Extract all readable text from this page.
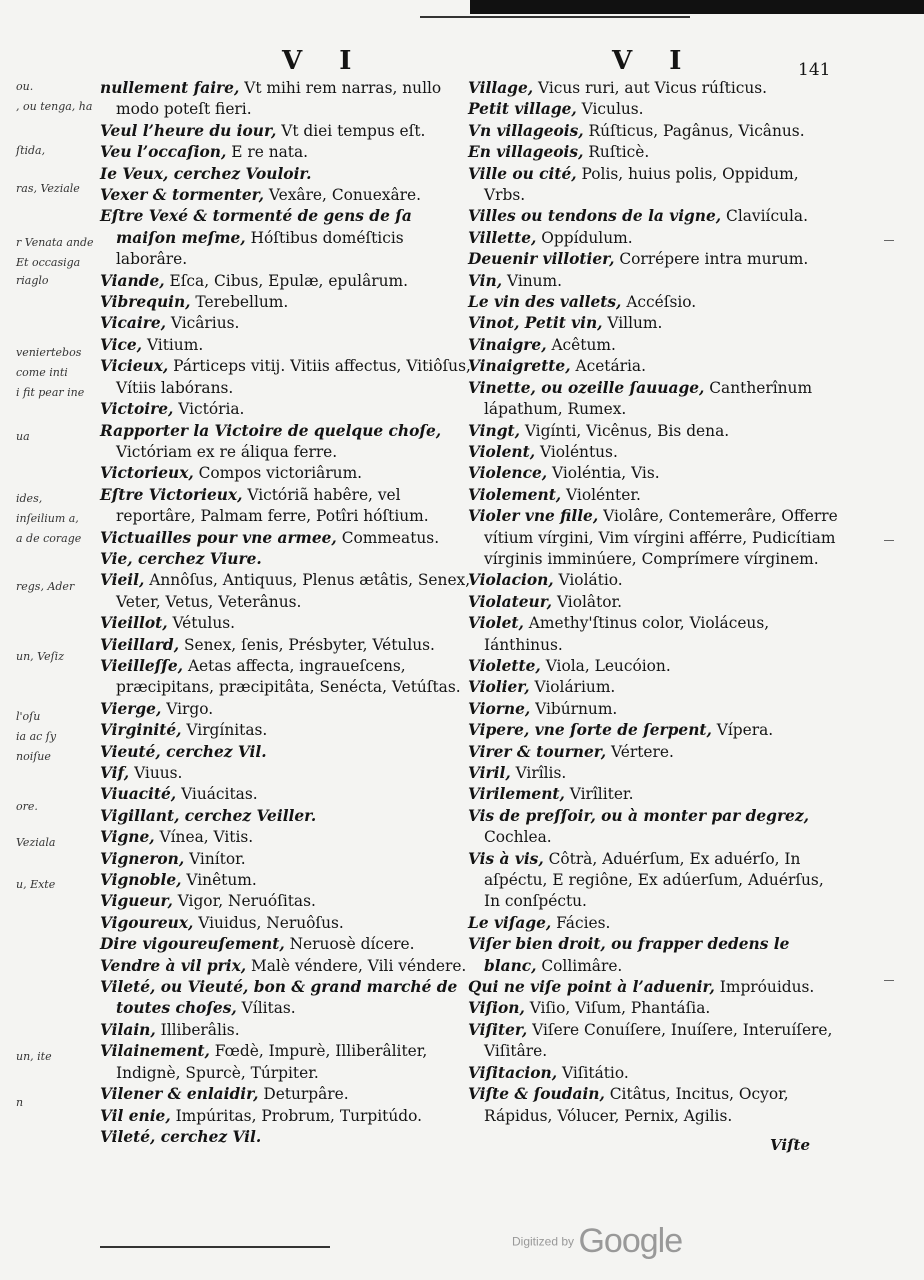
ou.
, ou tenga, ha
ſtida,
ras, Veziale
r Venata ande
Et occasiga
riaglo
veniertebos
come inti
i fit pear ine
ua
ides,
inſeilium a,
a de corage
regs, Ader
un, Veſiz
l'oſu
ia ac ſy
noiſue
ore.
Veziala
u, Exte
un, ite
n
V I	V I	141

nullement faire, Vt mihi rem narras, nullo modo poteſt fieri.

Veul l’heure du iour, Vt diei tempus eſt.

Veu l’occaſion, E re nata.

Ie Veux, cerchez Vouloir.

Vexer & tormenter, Vexâre, Conuexâre.

Eſtre Vexé & tormenté de gens de ſa maiſon meſme, Hóſtibus doméſticis laborâre.

Viande, Eſca, Cibus, Epulæ, epulârum.

Vibrequin, Terebellum.

Vicaire, Vicârius.

Vice, Vitium.

Vicieux, Párticeps vitij. Vitiis affectus, Vitiôſus, Vítiis labórans.

Victoire, Victória.

Rapporter la Victoire de quelque choſe, Victóriam ex re áliqua ferre.

Victorieux, Compos victoriârum.

Eſtre Victorieux, Victóriã habêre, vel reportâre, Palmam ferre, Potîri hóſtium.

Victuailles pour vne armee, Commeatus.

Vie, cerchez Viure.

Vieil, Annôſus, Antiquus, Plenus ætâtis, Senex, Veter, Vetus, Veterânus.

Vieillot, Vétulus.

Vieillard, Senex, ſenis, Présbyter, Vétulus.

Vieilleſſe, Aetas affecta, ingraueſcens, præcipitans, præcipitâta, Senécta, Vetúſtas.

Vierge, Virgo.

Virginité, Virgínitas.

Vieuté, cerchez Vil.

Vif, Viuus.

Viuacité, Viuácitas.

Vigillant, cerchez Veiller.

Vigne, Vínea, Vitis.

Vigneron, Vinítor.

Vignoble, Vinêtum.

Vigueur, Vigor, Neruóſitas.

Vigoureux, Viuidus, Neruôſus.

Dire vigoureuſement, Neruosè dícere.

Vendre à vil prix, Malè véndere, Vili véndere.

Vileté, ou Vieuté, bon & grand marché de toutes choſes, Vílitas.

Vilain, Illiberâlis.

Vilainement, Fœdè, Impurè, Illiberâliter, Indignè, Spurcè, Túrpiter.

Vilener & enlaidir, Deturpâre.

Vil enie, Impúritas, Probrum, Turpitúdo.

Vileté, cerchez Vil.

Village, Vicus ruri, aut Vicus rúſticus.

Petit village, Viculus.

Vn villageois, Rúſticus, Pagânus, Vicânus.

En villageois, Ruſticè.

Ville ou cité, Polis, huius polis, Oppidum, Vrbs.

Villes ou tendons de la vigne, Claviícula.

Villette, Oppídulum.

Deuenir villotier, Corrépere intra murum.

Vin, Vinum.

Le vin des vallets, Accéſsio.

Vinot, Petit vin, Villum.

Vinaigre, Acêtum.

Vinaigrette, Acetária.

Vinette, ou ozeille ſauuage, Cantherînum lápathum, Rumex.

Vingt, Vigínti, Vicênus, Bis dena.

Violent, Violéntus.

Violence, Violéntia, Vis.

Violement, Violénter.

Violer vne fille, Violâre, Contemerâre, Offerre vítium vírgini, Vim vírgini afférre, Pudicítiam vírginis imminúere, Comprímere vírginem.

Violacion, Violátio.

Violateur, Violâtor.

Violet, Amethy'ſtinus color, Violáceus, Iánthinus.

Violette, Viola, Leucóion.

Violier, Violárium.

Viorne, Vibúrnum.

Vipere, vne ſorte de ſerpent, Vípera.

Virer & tourner, Vértere.

Viril, Virîlis.

Virilement, Virîliter.

Vis de preſſoir, ou à monter par degrez, Cochlea.

Vis à vis, Côtrà, Aduérſum, Ex aduérſo, In aſpéctu, E regiône, Ex adúerſum, Aduérſus, In conſpéctu.

Le viſage, Fácies.

Viſer bien droit, ou frapper dedens le blanc, Collimâre.

Qui ne viſe point à l’aduenir, Impróuidus.

Viſion, Viſio, Viſum, Phantáſia.

Viſiter, Viſere Conuíſere, Inuíſere, Interuíſere, Viſitâre.

Viſitacion, Viſitátio.

Viſte & ſoudain, Citâtus, Incitus, Ocyor, Rápidus, Vólucer, Pernix, Agilis.

Viſte
Digitized by Google
